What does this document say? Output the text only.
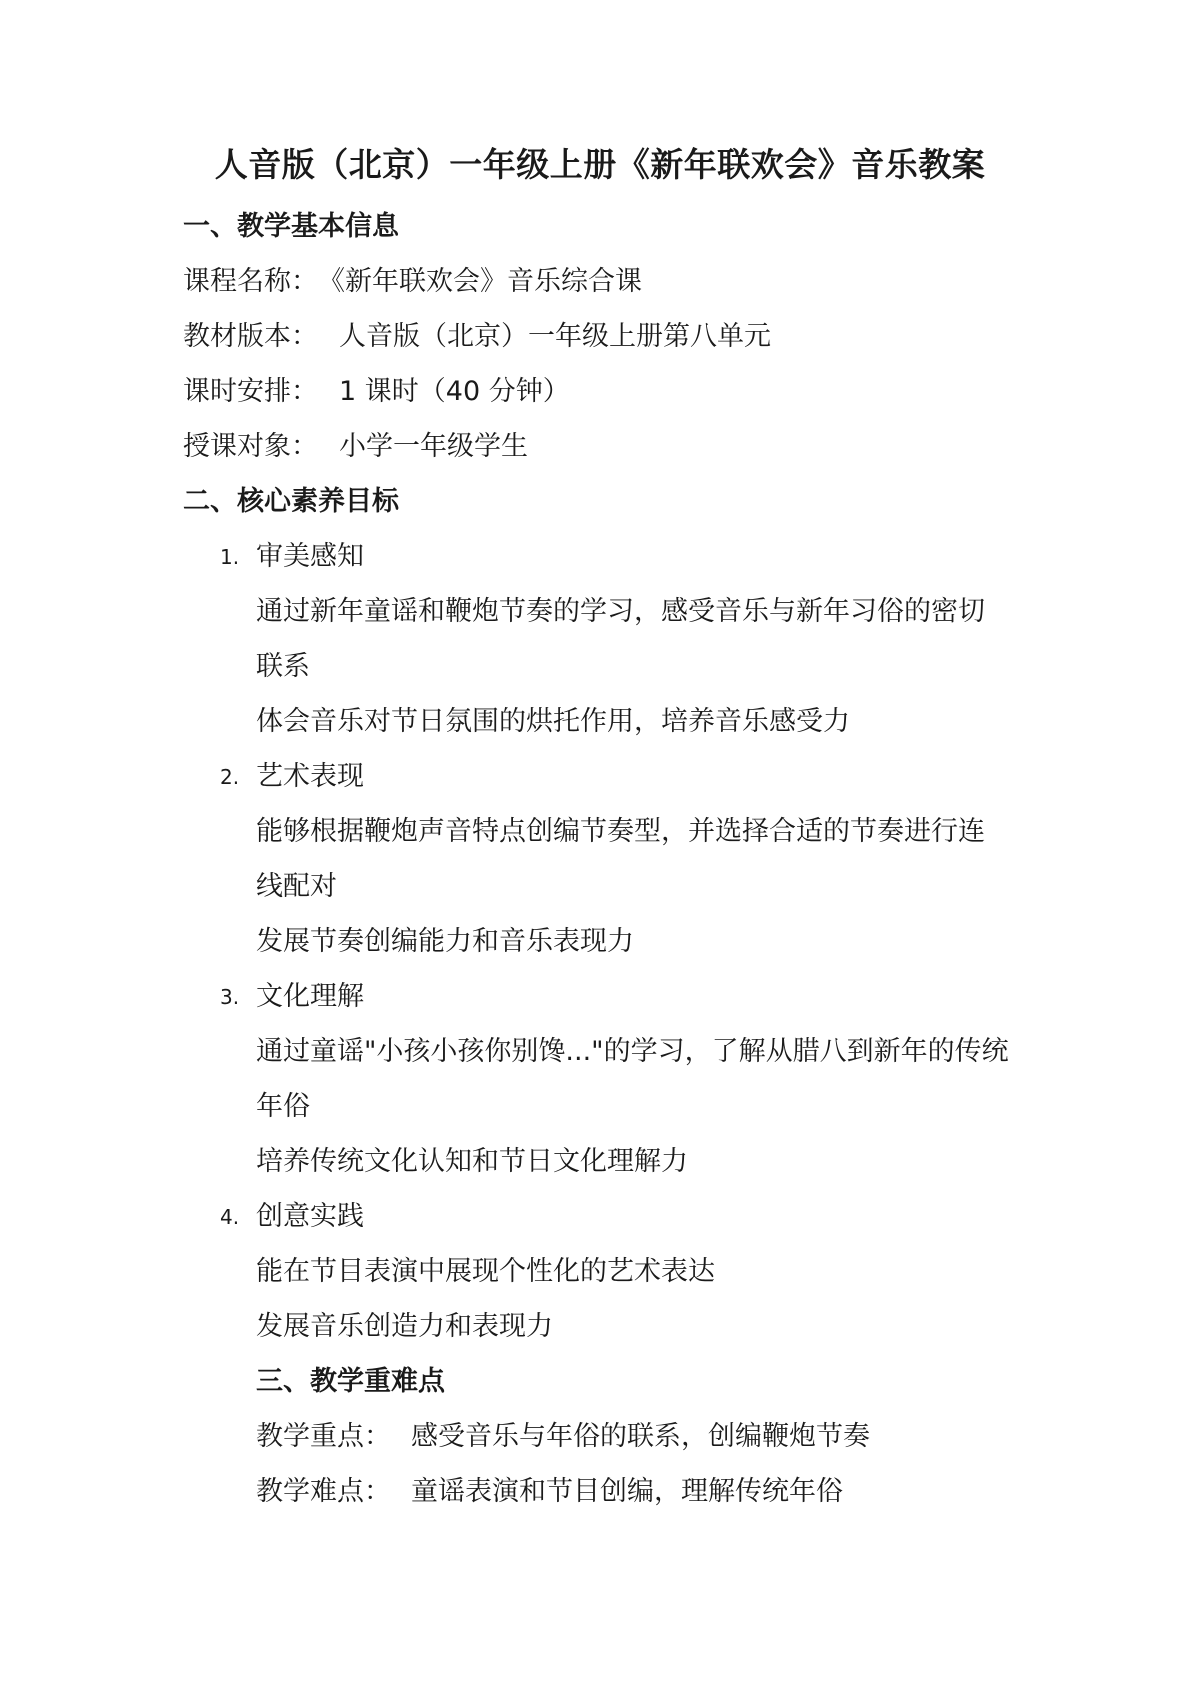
人音版（北京）一年级上册《新年联欢会》音乐教案
一、教学基本信息
课程名称： 《新年联欢会》音乐综合课
教材版本： 人音版（北京）一年级上册第八单元
课时安排： 1 课时（40 分钟）
授课对象： 小学一年级学生
二、核心素养目标
1. 审美感知
通过新年童谣和鞭炮节奏的学习，感受音乐与新年习俗的密切
联系
体会音乐对节日氛围的烘托作用，培养音乐感受力
2. 艺术表现
能够根据鞭炮声音特点创编节奏型，并选择合适的节奏进行连
线配对
发展节奏创编能力和音乐表现力
3. 文化理解
通过童谣"小孩小孩你别馋..."的学习，了解从腊八到新年的传统
年俗
培养传统文化认知和节日文化理解力
4. 创意实践
能在节目表演中展现个性化的艺术表达
发展音乐创造力和表现力
三、教学重难点
教学重点： 感受音乐与年俗的联系，创编鞭炮节奏
教学难点： 童谣表演和节目创编，理解传统年俗
